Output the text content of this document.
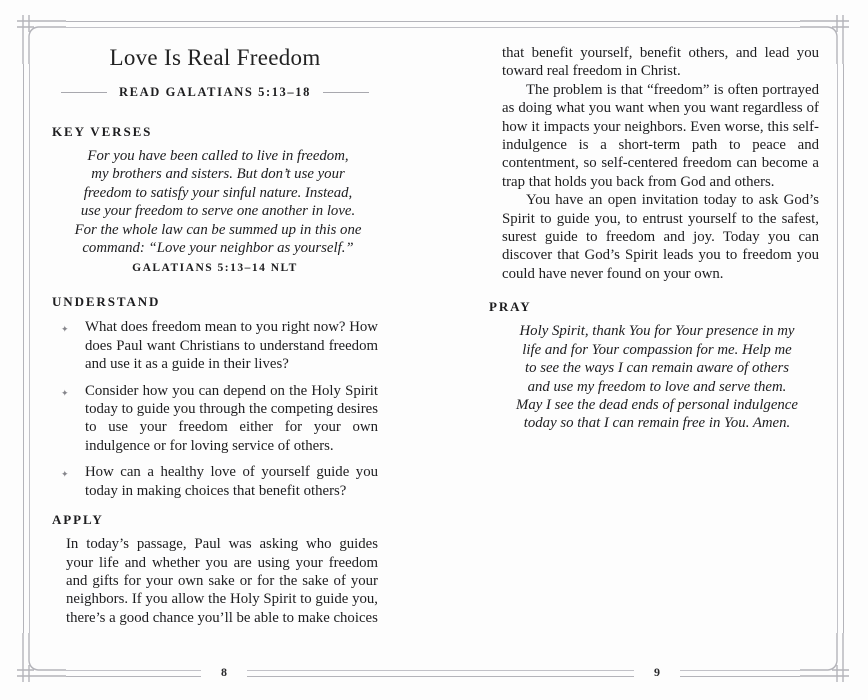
Love Is Real Freedom
READ GALATIANS 5:13–18
KEY VERSES
For you have been called to live in freedom,
my brothers and sisters. But don’t use your
freedom to satisfy your sinful nature. Instead,
use your freedom to serve one another in love.
For the whole law can be summed up in this one
command: “Love your neighbor as yourself.”
GALATIANS 5:13–14 NLT
UNDERSTAND
✦ What does freedom mean to you right now? How does Paul want Christians to understand freedom and use it as a guide in their lives?
✦ Consider how you can depend on the Holy Spirit today to guide you through the competing desires to use your freedom either for your own indulgence or for loving service of others.
✦ How can a healthy love of yourself guide you today in making choices that benefit others?
APPLY
In today’s passage, Paul was asking who guides your life and whether you are using your freedom and gifts for your own sake or for the sake of your neighbors. If you allow the Holy Spirit to guide you, there’s a good chance you’ll be able to make choices
that benefit yourself, benefit others, and lead you toward real freedom in Christ.
The problem is that “freedom” is often portrayed as doing what you want when you want regardless of how it impacts your neighbors. Even worse, this self-indulgence is a short-term path to peace and contentment, so self-centered freedom can become a trap that holds you back from God and others.
You have an open invitation today to ask God’s Spirit to guide you, to entrust yourself to the safest, surest guide to freedom and joy. Today you can discover that God’s Spirit leads you to freedom you could have never found on your own.
PRAY
Holy Spirit, thank You for Your presence in my
life and for Your compassion for me. Help me
to see the ways I can remain aware of others
and use my freedom to love and serve them.
May I see the dead ends of personal indulgence
today so that I can remain free in You. Amen.
8	9
